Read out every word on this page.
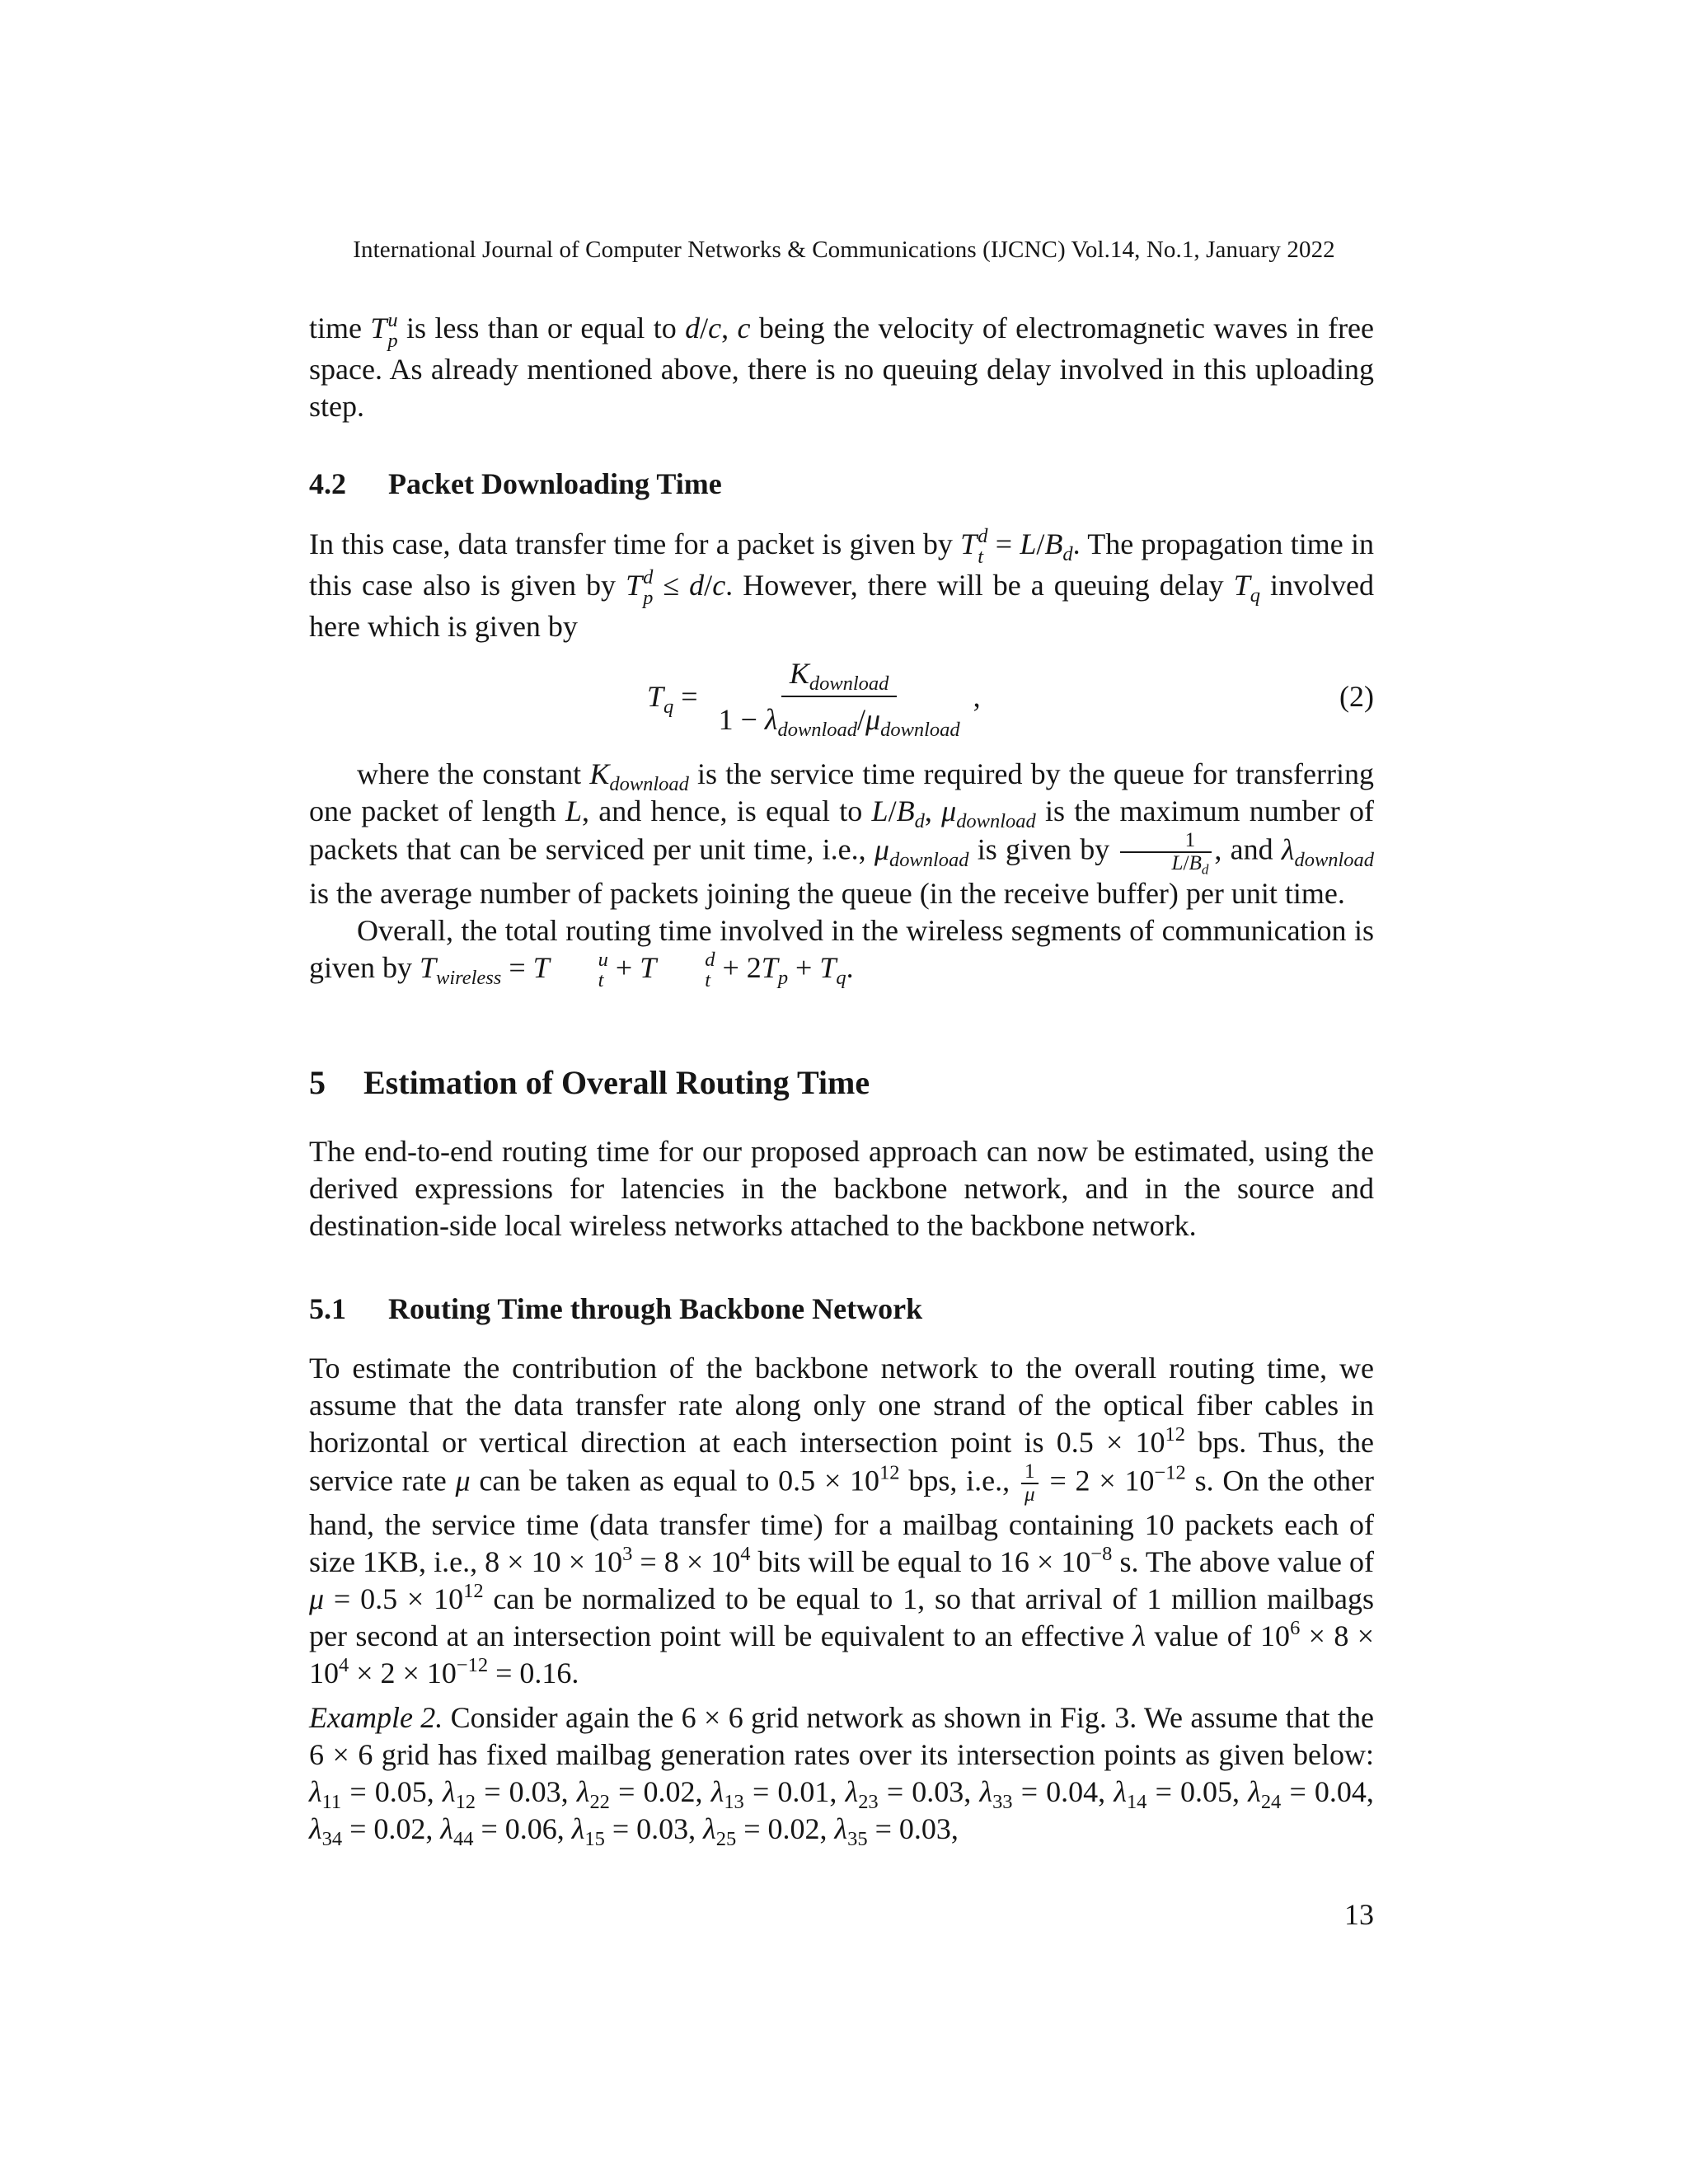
International Journal of Computer Networks & Communications (IJCNC) Vol.14, No.1, January 2022

time T u
p is less than or equal to d/c, c being the velocity of electromagnetic waves in free space. As already mentioned above, there is no queuing delay involved in this uploading step.

4.2 Packet Downloading Time

In this case, data transfer time for a packet is given by T d
$t = L/B_d$. The propagation time in this case also is given by T d
p ≤ d/c. However, there will be a queuing delay $T_q$ involved here which is given by

$T_q$ =
$K_{download}$
$1 - \lambda_{download}/\mu_{download}$
,	(2)

where the constant $K_{download}$ is the service time required by the queue for transferring one packet of length L, and hence, is equal to $L/B_d$, $\mu_{download}$ is the maximum number of packets that can be serviced per unit time, i.e., $\mu_{download}$ is given by $\frac{1}{L/B_d}$ , and $\lambda_{download}$ is the average number of packets joining the queue (in the receive buffer) per unit time.

Overall, the total routing time involved in the wireless segments of communication is given by $T_{wireless} = T$	u
t + T	d
$t + 2T_p + T_q$.

5 Estimation of Overall Routing Time

The end-to-end routing time for our proposed approach can now be estimated, using the derived expressions for latencies in the backbone network, and in the source and destination-side local wireless networks attached to the backbone network.

5.1 Routing Time through Backbone Network

To estimate the contribution of the backbone network to the overall routing time, we assume that the data transfer rate along only one strand of the optical fiber cables in horizontal or vertical direction at each intersection point is $0.5 \times 10^{12}$ bps. Thus, the service rate μ can be taken as equal to $0.5 \times 10^{12}$ bps, i.e., $\frac{1}{\mu} = 2 \times 10^{-12}$ s. On the other hand, the service time (data transfer time) for a mailbag containing 10 packets each of size 1KB, i.e., $8 \times 10 \times 10^3 = 8 \times 10^4$ bits will be equal to $16 \times 10^{-8}$ s. The above value of $\mu = 0.5 \times 10^{12}$ can be normalized to be equal to 1, so that arrival of 1 million mailbags per second at an intersection point will be equivalent to an effective λ value of $10^6 \times 8 \times 10^4 \times 2 \times 10^{-12} = 0.16$.

Example 2. Consider again the 6 × 6 grid network as shown in Fig. 3. We assume that the 6 × 6 grid has fixed mailbag generation rates over its intersection points as given below: $\lambda_{11} = 0.05$, $\lambda_{12} = 0.03$, $\lambda_{22} = 0.02$, $\lambda_{13} = 0.01$, $\lambda_{23} = 0.03$, $\lambda_{33} = 0.04$, $\lambda_{14} = 0.05$, $\lambda_{24} = 0.04$, $\lambda_{34} = 0.02$, $\lambda_{44} = 0.06$, $\lambda_{15} = 0.03$, $\lambda_{25} = 0.02$, $\lambda_{35} = 0.03$,

13
